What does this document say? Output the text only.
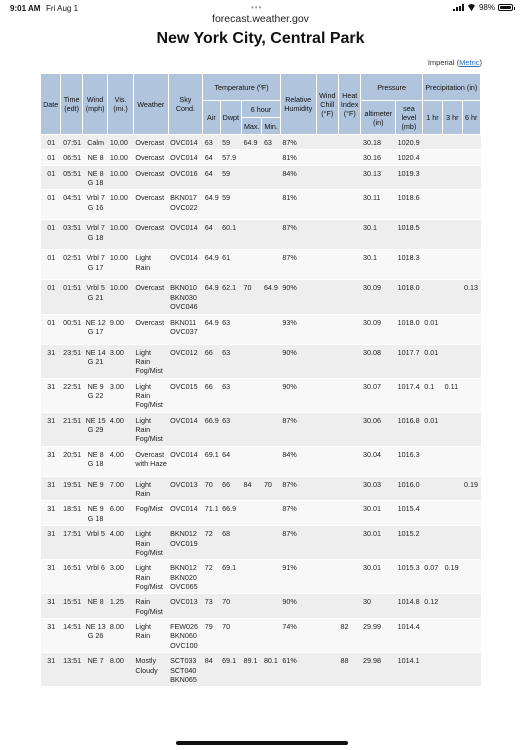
9:01 AM Fri Aug 1	•••	98%
forecast.weather.gov
New York City, Central Park
Imperial (Metric)
Date	Time (edt)	Wind (mph)	Vis. (mi.)	Weather	Sky Cond.	Temperature (ºF)				Relative Humidity	Wind Chill (°F)	Heat Index (°F)	Pressure		Precipitation (in)		
						Air	Dwpt	6 hour					altimeter (in)	sea level (mb)	1 hr	3 hr	6 hr
								Max.	Min.								
01	07:51	Calm	10.00	Overcast	OVC014	63	59	64.9	63	87%			30.18	1020.9			
01	06:51	NE 8	10.00	Overcast	OVC014	64	57.9			81%			30.16	1020.4			
01	05:51	NE 8 G 18	10.00	Overcast	OVC016	64	59			84%			30.13	1019.3			
01	04:51	Vrbl 7 G 16	10.00	Overcast	BKN017 OVC022	64.9	59			81%			30.11	1018.6			
01	03:51	Vrbl 7 G 18	10.00	Overcast	OVC014	64	60.1			87%			30.1	1018.5			
01	02:51	Vrbl 7 G 17	10.00	Light Rain	OVC014	64.9	61			87%			30.1	1018.3			
01	01:51	Vrbl 5 G 21	10.00	Overcast	BKN010 BKN030 OVC046	64.9	62.1	70	64.9	90%			30.09	1018.0			0.13
01	00:51	NE 12 G 17	9.00	Overcast	BKN011 OVC037	64.9	63			93%			30.09	1018.0	0.01		
31	23:51	NE 14 G 21	3.00	Light Rain Fog/Mist	OVC012	66	63			90%			30.08	1017.7	0.01		
31	22:51	NE 9 G 22	3.00	Light Rain Fog/Mist	OVC015	66	63			90%			30.07	1017.4	0.1	0.11	
31	21:51	NE 15 G 29	4.00	Light Rain Fog/Mist	OVC014	66.9	63			87%			30.06	1016.8	0.01		
31	20:51	NE 8 G 18	4.00	Overcast with Haze	OVC014	69.1	64			84%			30.04	1016.3			
31	19:51	NE 9	7.00	Light Rain	OVC013	70	66	84	70	87%			30.03	1016.0			0.19
31	18:51	NE 9 G 18	6.00	Fog/Mist	OVC014	71.1	66.9			87%			30.01	1015.4			
31	17:51	Vrbl 5	4.00	Light Rain Fog/Mist	BKN012 OVC019	72	68			87%			30.01	1015.2			
31	16:51	Vrbl 6	3.00	Light Rain Fog/Mist	BKN012 BKN020 OVC065	72	69.1			91%			30.01	1015.3	0.07	0.19	
31	15:51	NE 8	1.25	Rain Fog/Mist	OVC013	73	70			90%			30	1014.8	0.12		
31	14:51	NE 13 G 26	8.00	Light Rain	FEW026 BKN060 OVC100	79	70			74%		82	29.99	1014.4			
31	13:51	NE 7	8.00	Mostly Cloudy	SCT033 SCT040 BKN065	84	69.1	89.1	80.1	61%		88	29.98	1014.1			
